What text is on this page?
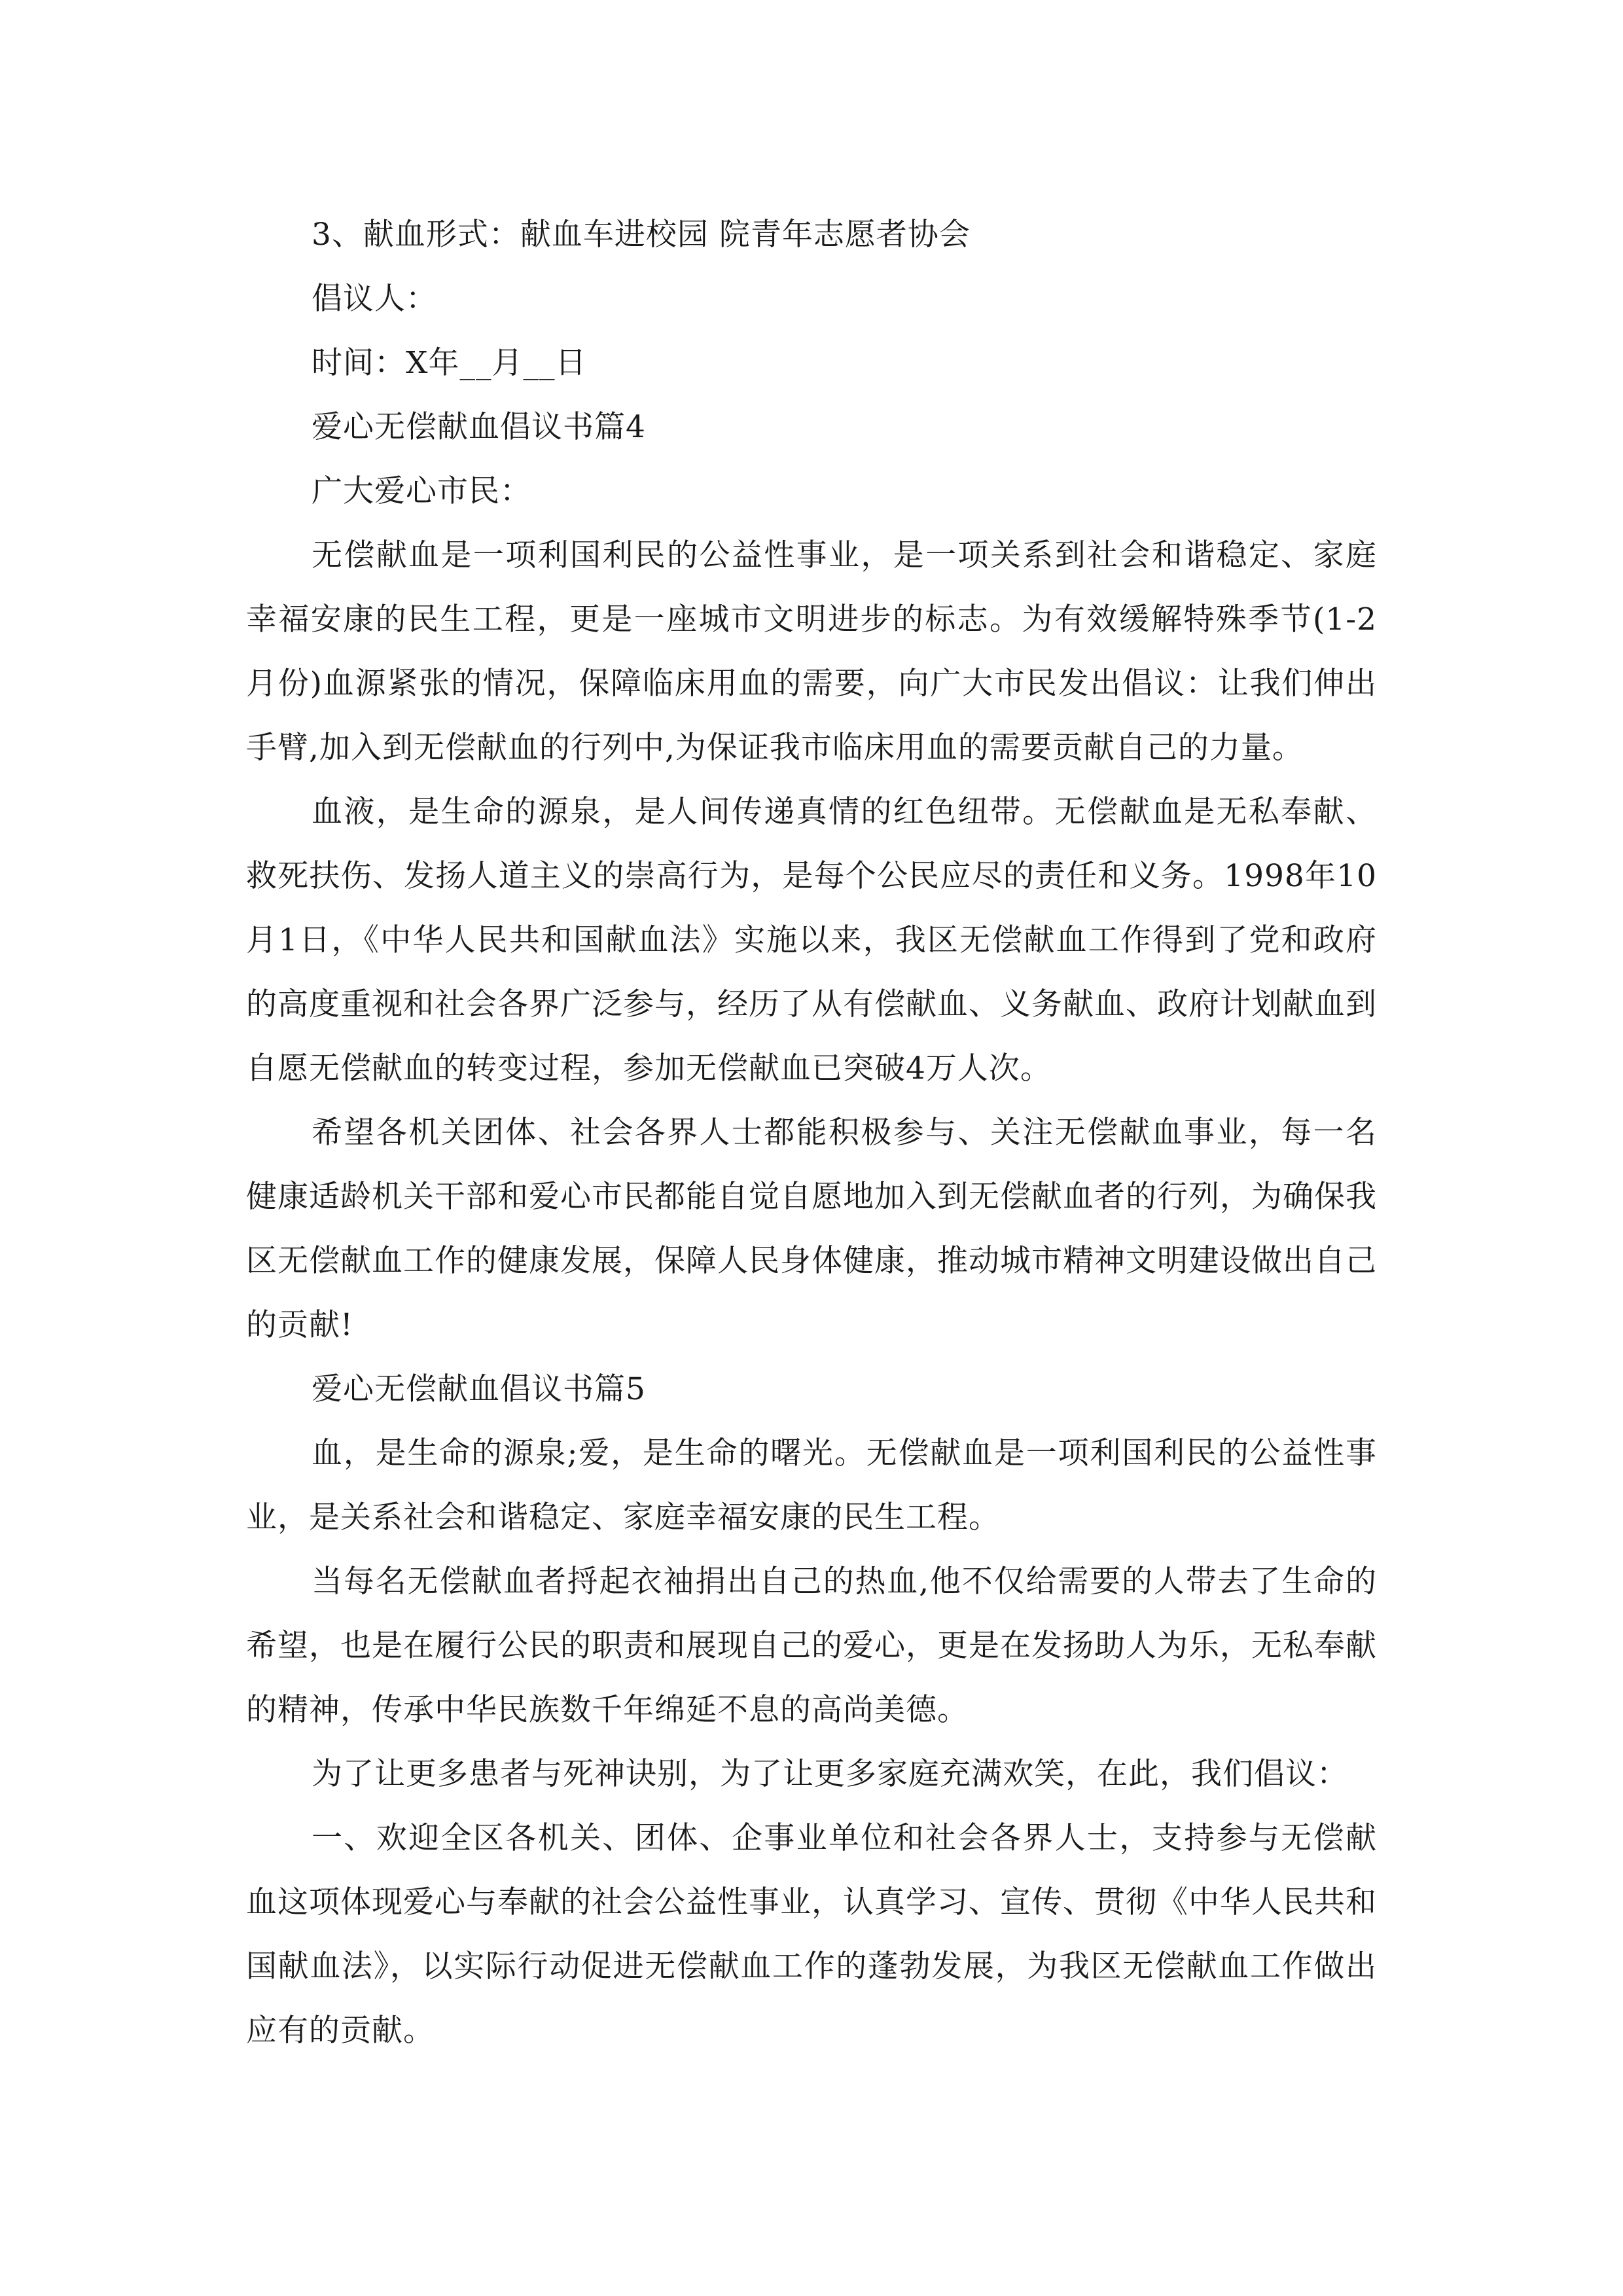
3、献血形式：献血车进校园 院青年志愿者协会

倡议人：

时间：X年__月__日

爱心无偿献血倡议书篇4

广大爱心市民：

无偿献血是一项利国利民的公益性事业，是一项关系到社会和谐稳定、家庭幸福安康的民生工程，更是一座城市文明进步的标志。为有效缓解特殊季节(1-2月份)血源紧张的情况，保障临床用血的需要，向广大市民发出倡议：让我们伸出手臂,加入到无偿献血的行列中,为保证我市临床用血的需要贡献自己的力量。

血液，是生命的源泉，是人间传递真情的红色纽带。无偿献血是无私奉献、救死扶伤、发扬人道主义的崇高行为，是每个公民应尽的责任和义务。1998年10月1日，《中华人民共和国献血法》实施以来，我区无偿献血工作得到了党和政府的高度重视和社会各界广泛参与，经历了从有偿献血、义务献血、政府计划献血到自愿无偿献血的转变过程，参加无偿献血已突破4万人次。

希望各机关团体、社会各界人士都能积极参与、关注无偿献血事业，每一名健康适龄机关干部和爱心市民都能自觉自愿地加入到无偿献血者的行列，为确保我区无偿献血工作的健康发展，保障人民身体健康，推动城市精神文明建设做出自己的贡献!

爱心无偿献血倡议书篇5

血，是生命的源泉;爱，是生命的曙光。无偿献血是一项利国利民的公益性事业，是关系社会和谐稳定、家庭幸福安康的民生工程。

当每名无偿献血者捋起衣袖捐出自己的热血,他不仅给需要的人带去了生命的希望，也是在履行公民的职责和展现自己的爱心，更是在发扬助人为乐，无私奉献的精神，传承中华民族数千年绵延不息的高尚美德。

为了让更多患者与死神诀别，为了让更多家庭充满欢笑，在此，我们倡议：

一、欢迎全区各机关、团体、企事业单位和社会各界人士，支持参与无偿献血这项体现爱心与奉献的社会公益性事业，认真学习、宣传、贯彻《中华人民共和国献血法》，以实际行动促进无偿献血工作的蓬勃发展，为我区无偿献血工作做出应有的贡献。
